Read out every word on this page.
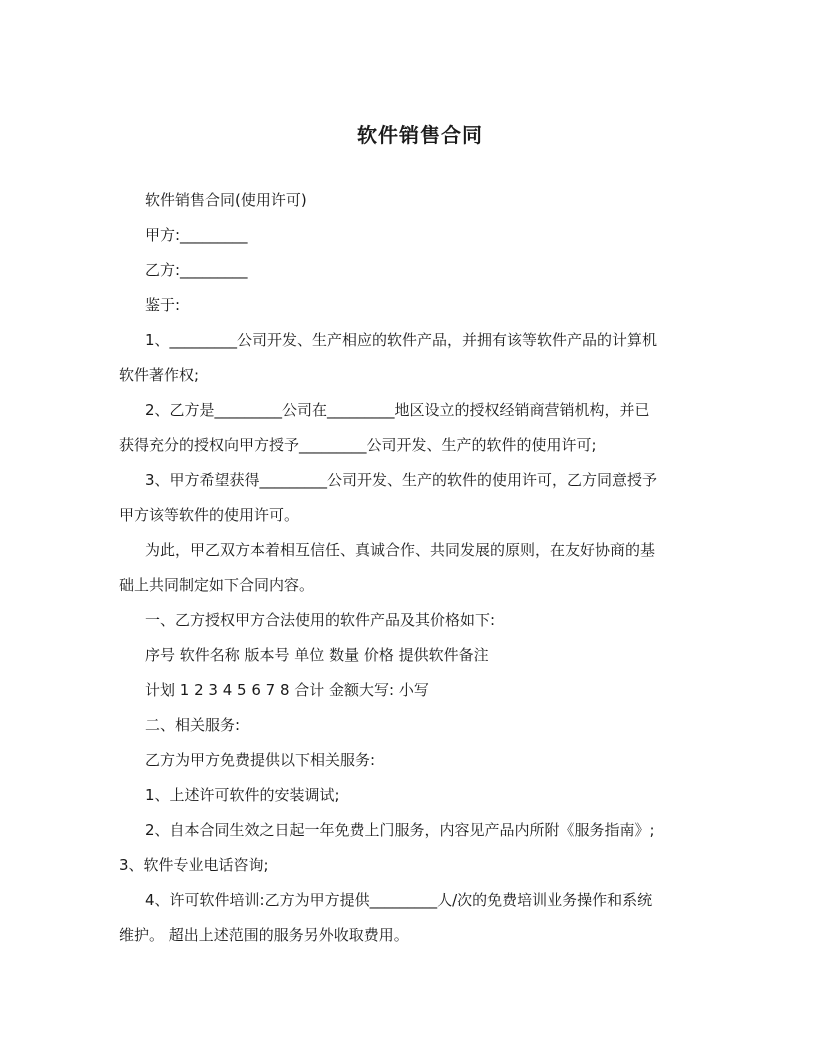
软件销售合同
软件销售合同(使用许可)
甲方:_________
乙方:_________
鉴于:
1、_________公司开发、生产相应的软件产品，并拥有该等软件产品的计算机
软件著作权;
2、乙方是_________公司在_________地区设立的授权经销商营销机构，并已
获得充分的授权向甲方授予_________公司开发、生产的软件的使用许可;
3、甲方希望获得_________公司开发、生产的软件的使用许可，乙方同意授予
甲方该等软件的使用许可。
为此，甲乙双方本着相互信任、真诚合作、共同发展的原则，在友好协商的基
础上共同制定如下合同内容。
一、乙方授权甲方合法使用的软件产品及其价格如下:
序号 软件名称 版本号 单位 数量 价格 提供软件备注
计划 1 2 3 4 5 6 7 8 合计 金额大写: 小写
二、相关服务:
乙方为甲方免费提供以下相关服务:
1、上述许可软件的安装调试;
2、自本合同生效之日起一年免费上门服务，内容见产品内所附《服务指南》;
3、软件专业电话咨询;
4、许可软件培训:乙方为甲方提供_________人/次的免费培训业务操作和系统
维护。 超出上述范围的服务另外收取费用。
